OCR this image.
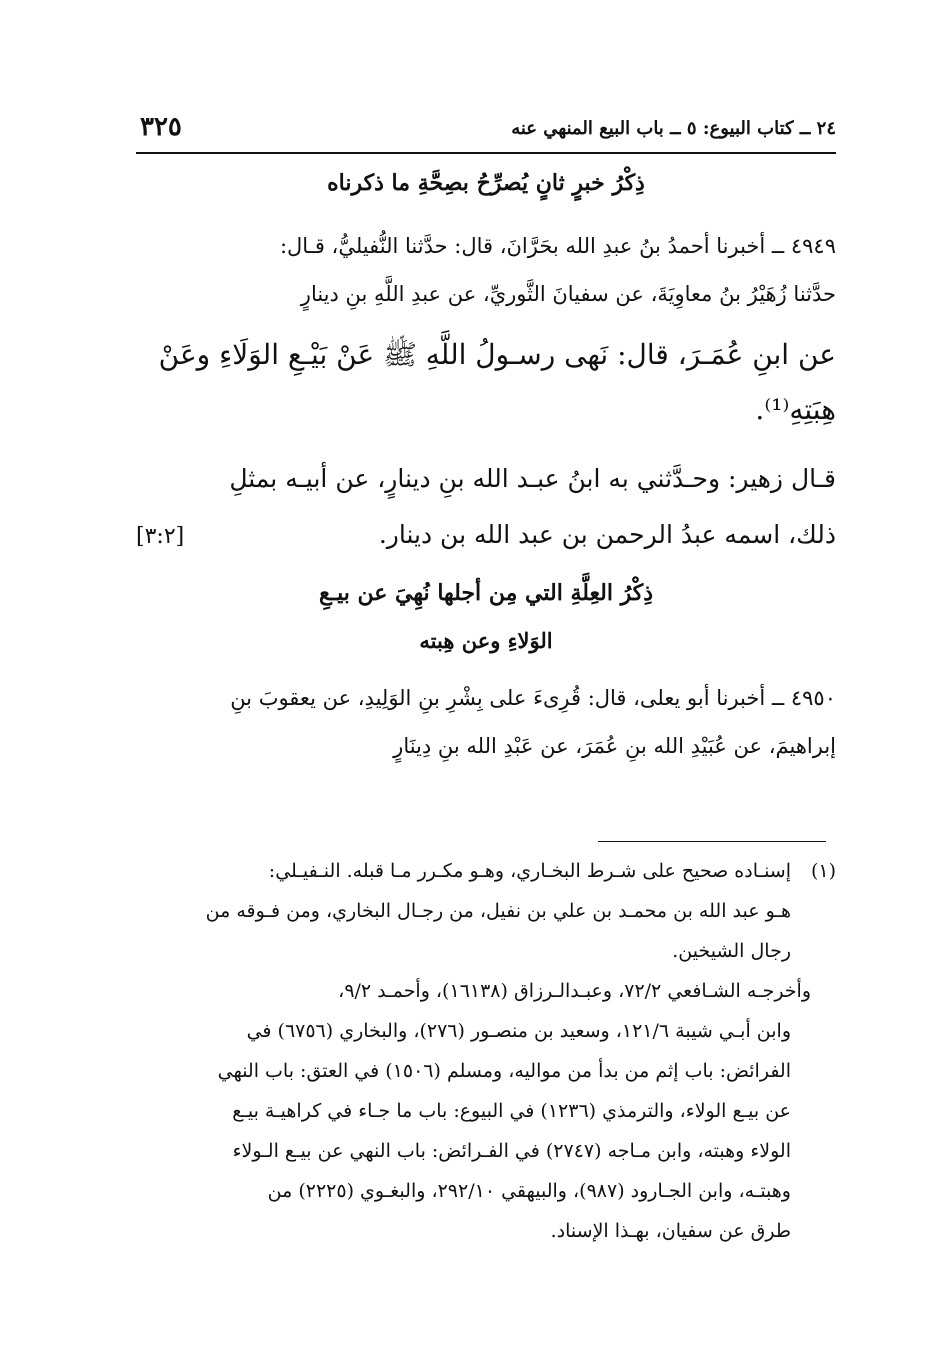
٢٤ ــ كتاب البيوع: ٥ ــ باب البيع المنهي عنه
٣٢٥
ذِكْرُ خبرٍ ثانٍ يُصرِّحُ بصِحَّةِ ما ذكرناه
٤٩٤٩ ــ أخبرنا أحمدُ بنُ عبدِ الله بحَرَّانَ، قال: حدَّثنا النُّفيليُّ، قـال:
حدَّثنا زُهَيْرُ بنُ معاوِيَةَ، عن سفيانَ الثَّوريِّ، عن عبدِ اللَّهِ بنِ دينارٍ
عن ابنِ عُمَـرَ، قال: نَهى رسـولُ اللَّهِ ﷺ عَنْ بَيْـعِ الوَلَاءِ وعَنْ
هِبَتِهِ⁽¹⁾.
قـال زهير: وحـدَّثني به ابنُ عبـد الله بنِ دينارٍ، عن أبيـه بمثلِ
ذلك، اسمه عبدُ الرحمن بن عبد الله بن دينار.
[٣:٢]
ذِكْرُ العِلَّةِ التي مِن أجلها نُهِيَ عن بيـعِ
الوَلاءِ وعن هِبته
٤٩٥٠ ــ أخبرنا أبو يعلى، قال: قُرِىءَ على بِشْرِ بنِ الوَلِيدِ، عن يعقوبَ بنِ
إبراهيمَ، عن عُبَيْدِ الله بنِ عُمَرَ، عن عَبْدِ الله بنِ دِينَارٍ
(١)
إسنـاده صحيح على شـرط البخـاري، وهـو مكـرر مـا قبله. النـفيـلي:
هـو عبد الله بن محمـد بن علي بن نفيل، من رجـال البخاري، ومن فـوقه من
رجال الشيخين.
وأخرجـه الشـافعي ٧٢/٢، وعبـدالـرزاق (١٦١٣٨)، وأحمـد ٩/٢،
وابن أبـي شيبة ١٢١/٦، وسعيد بن منصـور (٢٧٦)، والبخاري (٦٧٥٦) في
الفرائض: باب إثم من بدأ من مواليه، ومسلم (١٥٠٦) في العتق: باب النهي
عن بيـع الولاء، والترمذي (١٢٣٦) في البيوع: باب ما جـاء في كراهيـة بيـع
الولاء وهبته، وابن مـاجه (٢٧٤٧) في الفـرائض: باب النهي عن بيـع الـولاء
وهبتـه، وابن الجـارود (٩٨٧)، والبيهقي ٢٩٢/١٠، والبغـوي (٢٢٢٥) من
طرق عن سفيان، بهـذا الإسناد.
